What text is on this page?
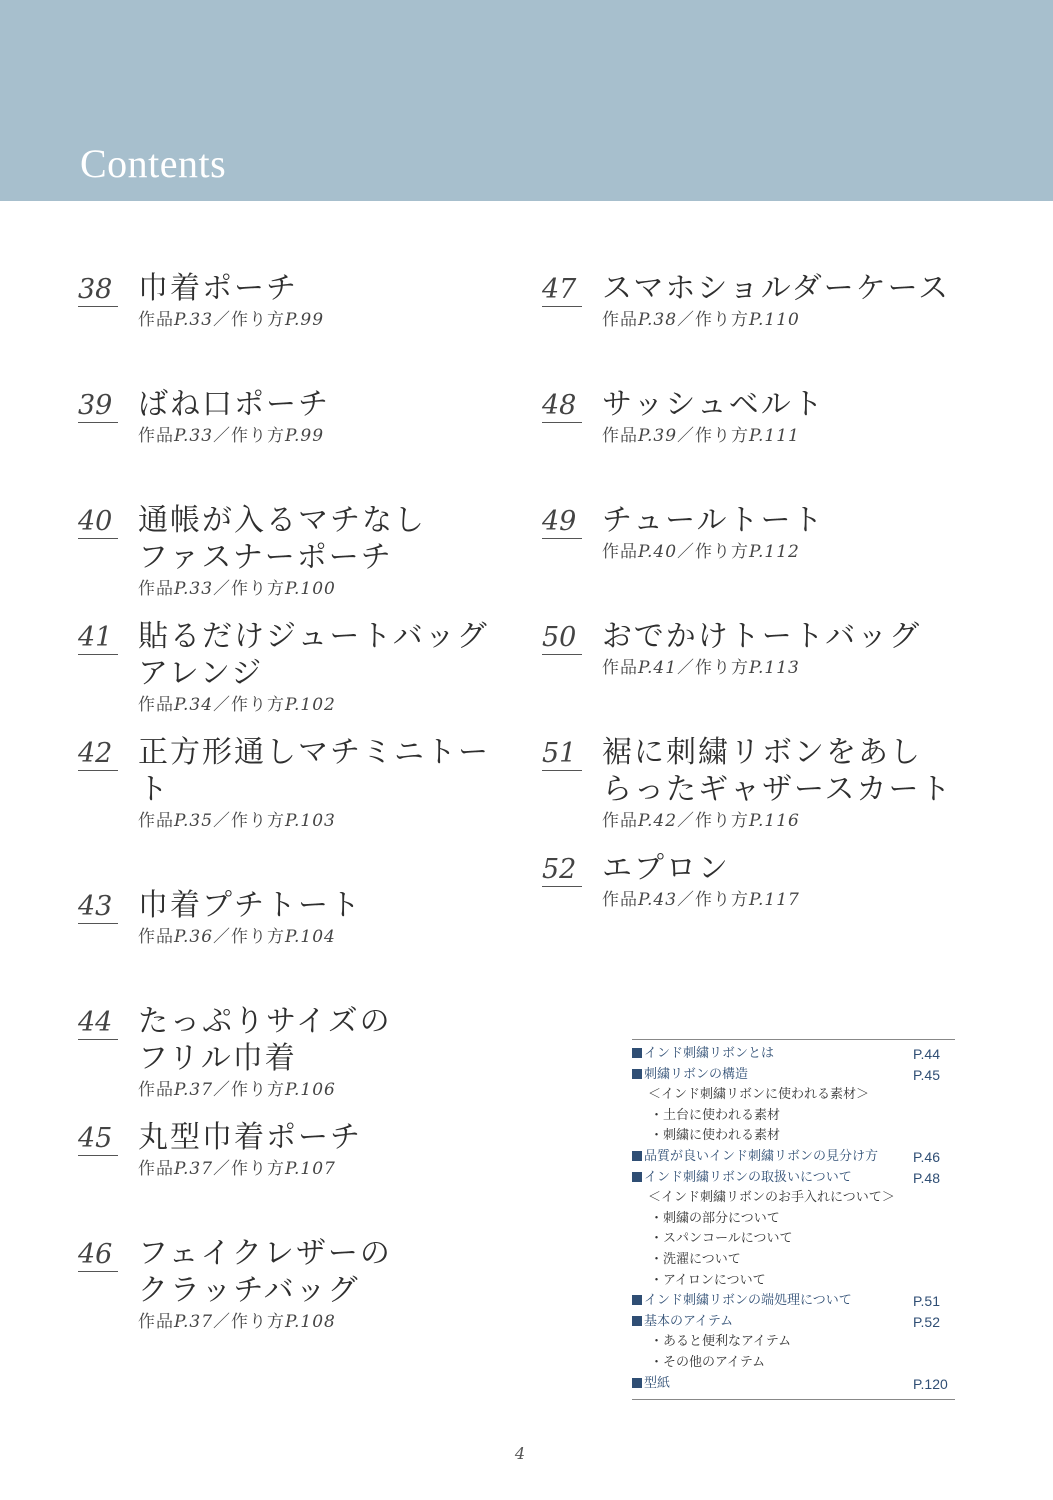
Contents
38 巾着ポーチ
作品P.33／作り方P.99
39 ばね口ポーチ
作品P.33／作り方P.99
40 通帳が入るマチなし
ファスナーポーチ
作品P.33／作り方P.100
41 貼るだけジュートバッグ
アレンジ
作品P.34／作り方P.102
42 正方形通しマチミニトート
作品P.35／作り方P.103
43 巾着プチトート
作品P.36／作り方P.104
44 たっぷりサイズの
フリル巾着
作品P.37／作り方P.106
45 丸型巾着ポーチ
作品P.37／作り方P.107
46 フェイクレザーの
クラッチバッグ
作品P.37／作り方P.108
47 スマホショルダーケース
作品P.38／作り方P.110
48 サッシュベルト
作品P.39／作り方P.111
49 チュールトート
作品P.40／作り方P.112
50 おでかけトートバッグ
作品P.41／作り方P.113
51 裾に刺繍リボンをあし
らったギャザースカート
作品P.42／作り方P.116
52 エプロン
作品P.43／作り方P.117
インド刺繍リボンとは	P.44
刺繍リボンの構造	P.45
＜インド刺繍リボンに使われる素材＞
・土台に使われる素材
・刺繍に使われる素材
品質が良いインド刺繍リボンの見分け方 P.46
インド刺繍リボンの取扱いについて	P.48
＜インド刺繍リボンのお手入れについて＞
・刺繍の部分について
・スパンコールについて
・洗濯について
・アイロンについて
インド刺繍リボンの端処理について	P.51
基本のアイテム	P.52
・あると便利なアイテム
・その他のアイテム
型紙	P.120
4
